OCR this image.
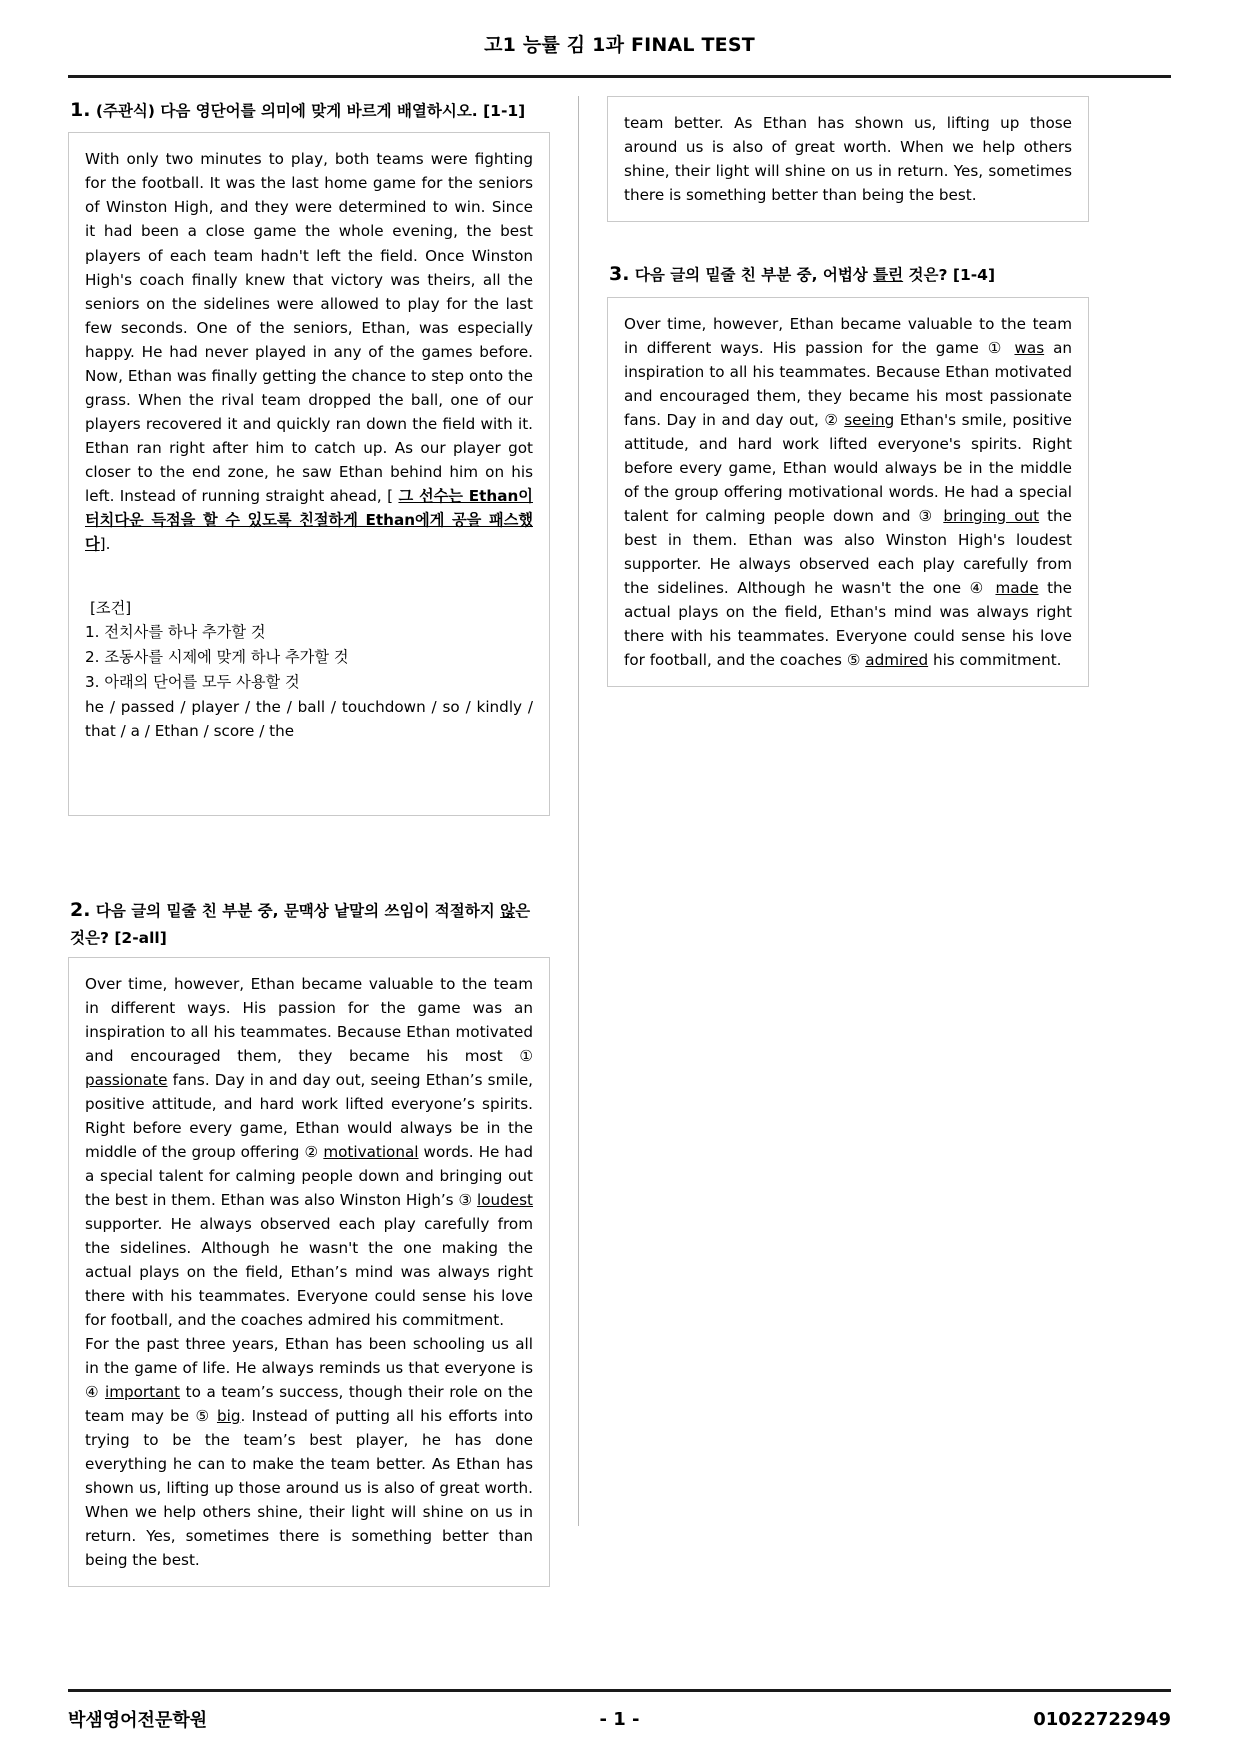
고1 능률 김 1과 FINAL TEST
1. (주관식) 다음 영단어를 의미에 맞게 바르게 배열하시오. [1-1]

With only two minutes to play, both teams were fighting for the football. It was the last home game for the seniors of Winston High, and they were determined to win. Since it had been a close game the whole evening, the best players of each team hadn't left the field. Once Winston High's coach finally knew that victory was theirs, all the seniors on the sidelines were allowed to play for the last few seconds. One of the seniors, Ethan, was especially happy. He had never played in any of the games before. Now, Ethan was finally getting the chance to step onto the grass. When the rival team dropped the ball, one of our players recovered it and quickly ran down the field with it. Ethan ran right after him to catch up. As our player got closer to the end zone, he saw Ethan behind him on his left. Instead of running straight ahead, [ 그 선수는 Ethan이 터치다운 득점을 할 수 있도록 친절하게 Ethan에게 공을 패스했다].

[조건]
1. 전치사를 하나 추가할 것
2. 조동사를 시제에 맞게 하나 추가할 것
3. 아래의 단어를 모두 사용할 것
he / passed / player / the / ball / touchdown / so / kindly / that / a / Ethan / score / the
2. 다음 글의 밑줄 친 부분 중, 문맥상 낱말의 쓰임이 적절하지 않은 것은? [2-all]

Over time, however, Ethan became valuable to the team in different ways. His passion for the game was an inspiration to all his teammates. Because Ethan motivated and encouraged them, they became his most ① passionate fans. Day in and day out, seeing Ethan’s smile, positive attitude, and hard work lifted everyone’s spirits. Right before every game, Ethan would always be in the middle of the group offering ② motivational words. He had a special talent for calming people down and bringing out the best in them. Ethan was also Winston High’s ③ loudest supporter. He always observed each play carefully from the sidelines. Although he wasn't the one making the actual plays on the field, Ethan’s mind was always right there with his teammates. Everyone could sense his love for football, and the coaches admired his commitment.

For the past three years, Ethan has been schooling us all in the game of life. He always reminds us that everyone is ④ important to a team’s success, though their role on the team may be ⑤ big. Instead of putting all his efforts into trying to be the team’s best player, he has done everything he can to make the team better. As Ethan has shown us, lifting up those around us is also of great worth. When we help others shine, their light will shine on us in return. Yes, sometimes there is something better than being the best.

team better. As Ethan has shown us, lifting up those around us is also of great worth. When we help others shine, their light will shine on us in return. Yes, sometimes there is something better than being the best.

3. 다음 글의 밑줄 친 부분 중, 어법상 틀린 것은? [1-4]

Over time, however, Ethan became valuable to the team in different ways. His passion for the game ① was an inspiration to all his teammates. Because Ethan motivated and encouraged them, they became his most passionate fans. Day in and day out, ② seeing Ethan's smile, positive attitude, and hard work lifted everyone's spirits. Right before every game, Ethan would always be in the middle of the group offering motivational words. He had a special talent for calming people down and ③ bringing out the best in them. Ethan was also Winston High's loudest supporter. He always observed each play carefully from the sidelines. Although he wasn't the one ④ made the actual plays on the field, Ethan's mind was always right there with his teammates. Everyone could sense his love for football, and the coaches ⑤ admired his commitment.

박샘영어전문학원	- 1 -	01022722949
